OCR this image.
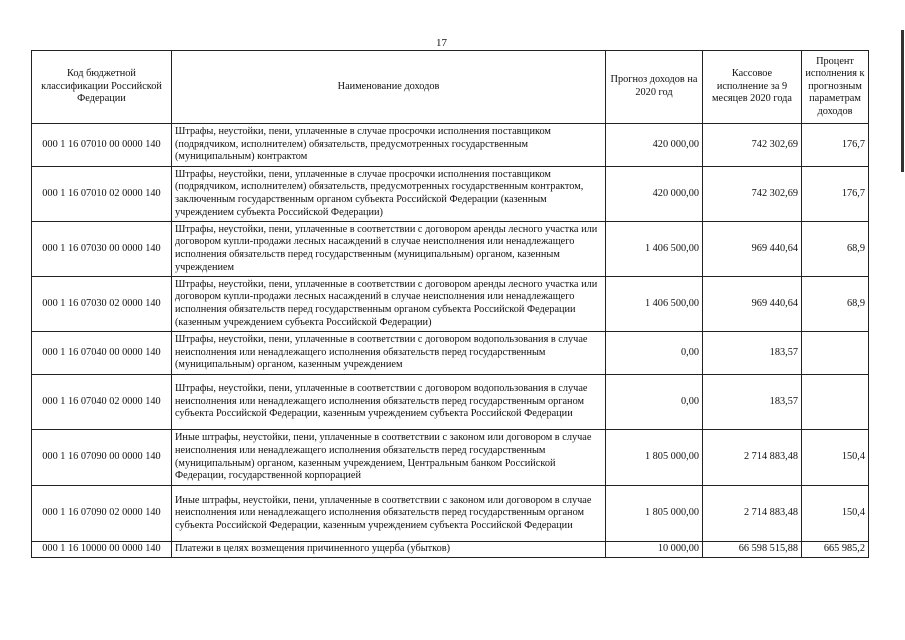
17
Код бюджетной классификации Российской Федерации	Наименование доходов	Прогноз доходов на 2020 год	Кассовое исполнение за 9 месяцев 2020 года	Процент исполнения к прогнозным параметрам доходов
000 1 16 07010 00 0000 140	Штрафы, неустойки, пени, уплаченные в случае просрочки исполнения поставщиком (подрядчиком, исполнителем) обязательств, предусмотренных государственным (муниципальным) контрактом	420 000,00	742 302,69	176,7
000 1 16 07010 02 0000 140	Штрафы, неустойки, пени, уплаченные в случае просрочки исполнения поставщиком (подрядчиком, исполнителем) обязательств, предусмотренных государственным контрактом, заключенным государственным органом субъекта Российской Федерации (казенным учреждением субъекта Российской Федерации)	420 000,00	742 302,69	176,7
000 1 16 07030 00 0000 140	Штрафы, неустойки, пени, уплаченные в соответствии с договором аренды лесного участка или договором купли-продажи лесных насаждений в случае неисполнения или ненадлежащего исполнения обязательств перед государственным (муниципальным) органом, казенным учреждением	1 406 500,00	969 440,64	68,9
000 1 16 07030 02 0000 140	Штрафы, неустойки, пени, уплаченные в соответствии с договором аренды лесного участка или договором купли-продажи лесных насаждений в случае неисполнения или ненадлежащего исполнения обязательств перед государственным органом субъекта Российской Федерации (казенным учреждением субъекта Российской Федерации)	1 406 500,00	969 440,64	68,9
000 1 16 07040 00 0000 140	Штрафы, неустойки, пени, уплаченные в соответствии с договором водопользования в случае неисполнения или ненадлежащего исполнения обязательств перед государственным (муниципальным) органом, казенным учреждением	0,00	183,57	
000 1 16 07040 02 0000 140	Штрафы, неустойки, пени, уплаченные в соответствии с договором водопользования в случае неисполнения или ненадлежащего исполнения обязательств перед государственным органом субъекта Российской Федерации, казенным учреждением субъекта Российской Федерации	0,00	183,57	
000 1 16 07090 00 0000 140	Иные штрафы, неустойки, пени, уплаченные в соответствии с законом или договором в случае неисполнения или ненадлежащего исполнения обязательств перед государственным (муниципальным) органом, казенным учреждением, Центральным банком Российской Федерации, государственной корпорацией	1 805 000,00	2 714 883,48	150,4
000 1 16 07090 02 0000 140	Иные штрафы, неустойки, пени, уплаченные в соответствии с законом или договором в случае неисполнения или ненадлежащего исполнения обязательств перед государственным органом субъекта Российской Федерации, казенным учреждением субъекта Российской Федерации	1 805 000,00	2 714 883,48	150,4
000 1 16 10000 00 0000 140	Платежи в целях возмещения причиненного ущерба (убытков)	10 000,00	66 598 515,88	665 985,2
